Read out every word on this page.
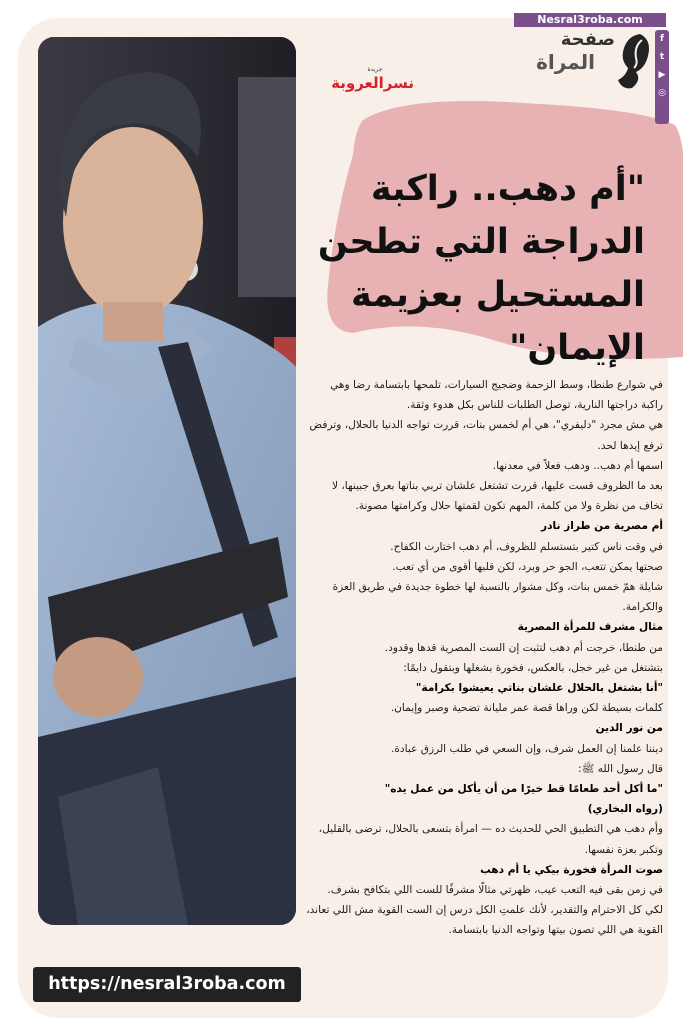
"أم دهب.. راكبة الدراجة التي تطحن المستحيل بعزيمة الإيمان"

في شوارع طنطا، وسط الزحمة وضجيج السيارات، تلمحها بابتسامة رضا وهي راكبة دراجتها النارية، توصل الطلبات للناس بكل هدوء وثقة.

هي مش مجرد "دليفري"، هي أم لخمس بنات، قررت تواجه الدنيا بالحلال، وترفض ترفع إيدها لحد.

اسمها أم دهب.. ودهب فعلاً في معدنها.

بعد ما الظروف قست عليها، قررت تشتغل علشان تربي بناتها بعرق جبينها، لا تخاف من نظرة ولا من كلمة، المهم تكون لقمتها حلال وكرامتها مصونة.

أم مصرية من طراز نادر

في وقت ناس كتير بتستسلم للظروف، أم دهب اختارت الكفاح.

صحتها يمكن تتعب، الجو حر وبرد، لكن قلبها أقوى من أي تعب.

شايلة همّ خمس بنات، وكل مشوار بالنسبة لها خطوة جديدة في طريق العزة والكرامة.

مثال مشرف للمرأة المصرية

من طنطا، خرجت أم دهب لتثبت إن الست المصرية قدها وقدود.

بتشتغل من غير خجل، بالعكس، فخورة بشغلها وبتقول دايمًا:

"أنا بشتغل بالحلال علشان بناتي يعيشوا بكرامة"

كلمات بسيطة لكن وراها قصة عمر مليانة تضحية وصبر وإيمان.

من نور الدين

ديننا علمنا إن العمل شرف، وإن السعي في طلب الرزق عبادة.

قال رسول الله ﷺ:

"ما أكل أحد طعامًا قط خيرًا من أن يأكل من عمل يده"

(رواه البخاري)

وأم دهب هي التطبيق الحي للحديث ده — امرأة بتسعى بالحلال، ترضى بالقليل، وتكبر بعزة نفسها.

صوت المرأة فخورة بيكي يا أم دهب

في زمن بقى فيه التعب عيب، ظهرتي مثالًا مشرفًا للست اللي بتكافح بشرف.

لكي كل الاحترام والتقدير، لأنك علمتِ الكل درس إن الست القوية مش اللي تعاند، القوية هي اللي تصون بيتها وتواجه الدنيا بابتسامة.

https://nesral3roba.com
Nesral3roba.com
صفحة
المراة
f
t
▶
◎
جريدة
نسرالعروبة
